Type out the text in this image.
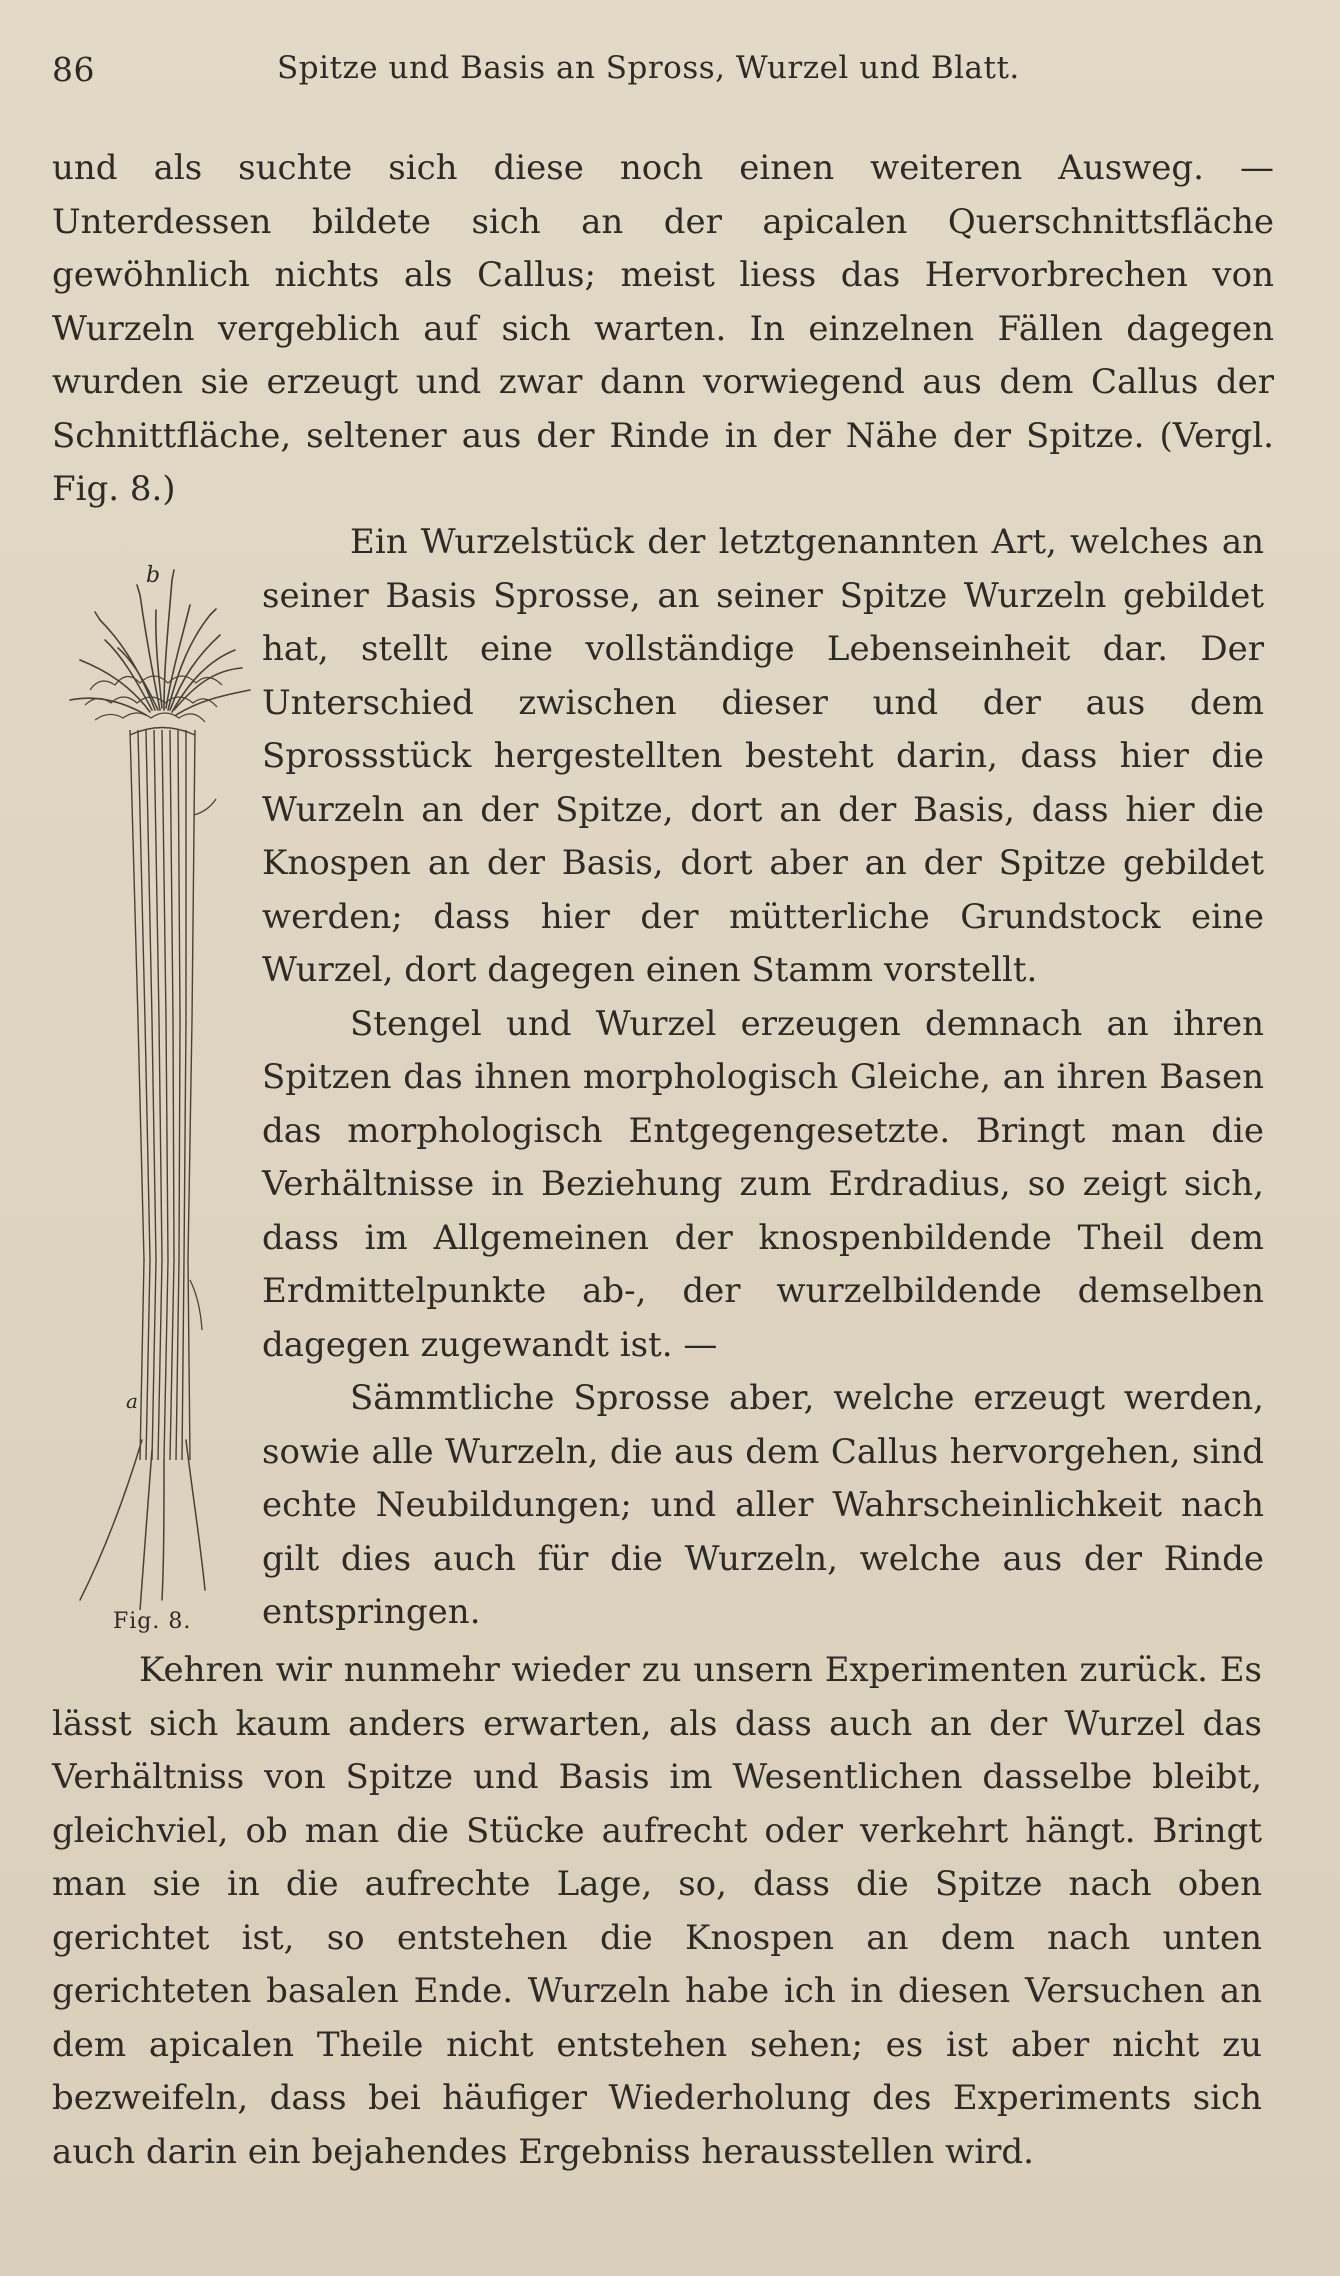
86	Spitze und Basis an Spross, Wurzel und Blatt.

und als suchte sich diese noch einen weiteren Ausweg. — Unterdessen bildete sich an der apicalen Querschnittsfläche gewöhnlich nichts als Callus; meist liess das Hervorbrechen von Wurzeln vergeblich auf sich warten. In einzelnen Fällen dagegen wurden sie erzeugt und zwar dann vorwiegend aus dem Callus der Schnittfläche, seltener aus der Rinde in der Nähe der Spitze. (Vergl. Fig. 8.)

b
a

Ein Wurzelstück der letztgenannten Art, welches an seiner Basis Sprosse, an seiner Spitze Wurzeln gebildet hat, stellt eine vollständige Lebenseinheit dar. Der Unterschied zwischen dieser und der aus dem Sprossstück hergestellten besteht darin, dass hier die Wurzeln an der Spitze, dort an der Basis, dass hier die Knospen an der Basis, dort aber an der Spitze gebildet werden; dass hier der mütterliche Grundstock eine Wurzel, dort dagegen einen Stamm vorstellt.

Stengel und Wurzel erzeugen demnach an ihren Spitzen das ihnen morphologisch Gleiche, an ihren Basen das morphologisch Entgegengesetzte. Bringt man die Verhältnisse in Beziehung zum Erdradius, so zeigt sich, dass im Allgemeinen der knospenbildende Theil dem Erdmittelpunkte ab-, der wurzelbildende demselben dagegen zugewandt ist. —

Sämmtliche Sprosse aber, welche erzeugt werden, sowie alle Wurzeln, die aus dem Callus hervorgehen, sind echte Neubildungen; und aller Wahrscheinlichkeit nach gilt dies auch für die Wurzeln, welche aus der Rinde entspringen.

Fig. 8.

Kehren wir nunmehr wieder zu unsern Experimenten zurück. Es lässt sich kaum anders erwarten, als dass auch an der Wurzel das Verhältniss von Spitze und Basis im Wesentlichen dasselbe bleibt, gleichviel, ob man die Stücke aufrecht oder verkehrt hängt. Bringt man sie in die aufrechte Lage, so, dass die Spitze nach oben gerichtet ist, so entstehen die Knospen an dem nach unten gerichteten basalen Ende. Wurzeln habe ich in diesen Versuchen an dem apicalen Theile nicht entstehen sehen; es ist aber nicht zu bezweifeln, dass bei häufiger Wiederholung des Experiments sich auch darin ein bejahendes Ergebniss herausstellen wird.
